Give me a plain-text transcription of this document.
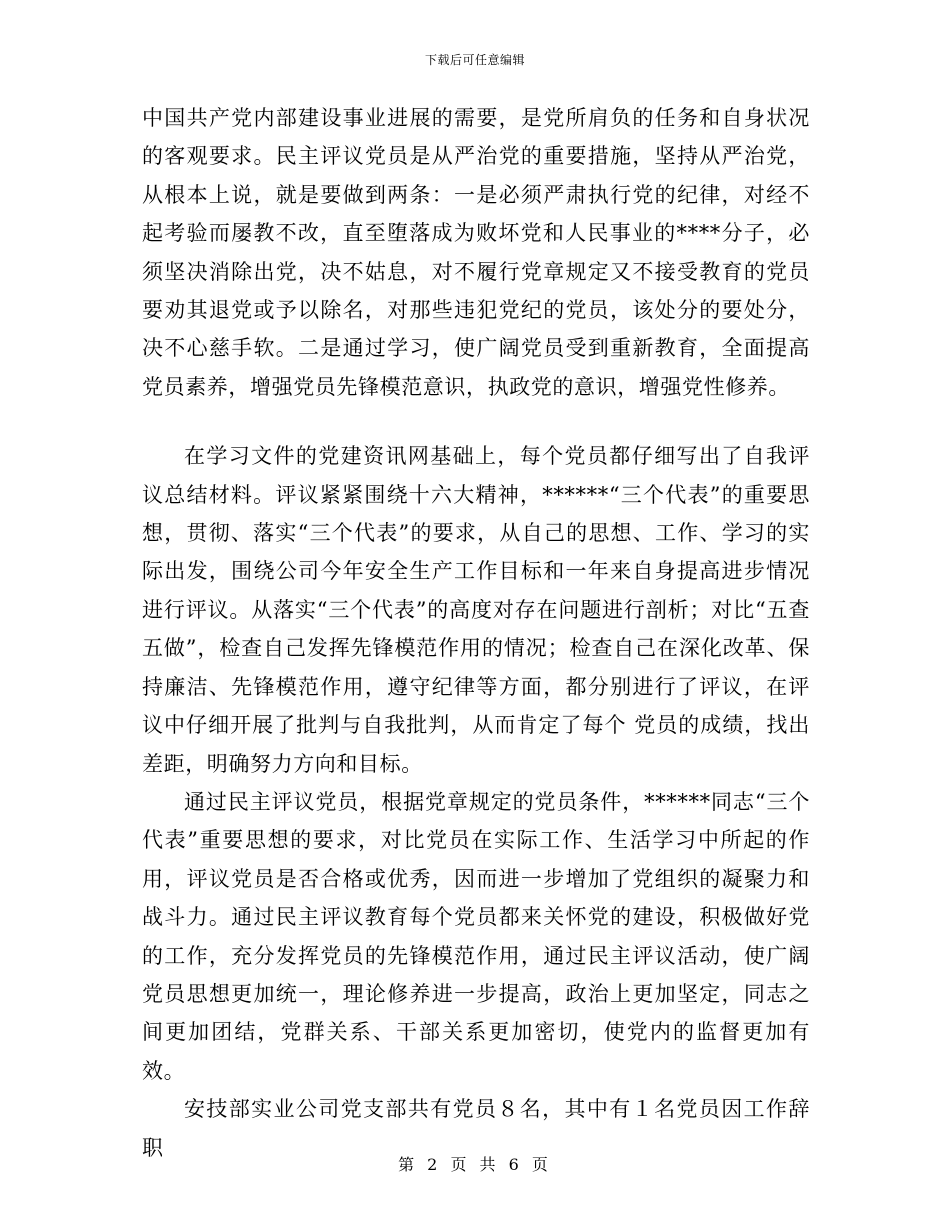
下载后可任意编辑

中国共产党内部建设事业进展的需要，是党所肩负的任务和自身状况的客观要求。民主评议党员是从严治党的重要措施，坚持从严治党，从根本上说，就是要做到两条：一是必须严肃执行党的纪律，对经不起考验而屡教不改，直至堕落成为败坏党和人民事业的****分子，必须坚决消除出党，决不姑息，对不履行党章规定又不接受教育的党员要劝其退党或予以除名，对那些违犯党纪的党员，该处分的要处分，决不心慈手软。二是通过学习，使广阔党员受到重新教育，全面提高党员素养，增强党员先锋模范意识，执政党的意识，增强党性修养。

在学习文件的党建资讯网基础上，每个党员都仔细写出了自我评议总结材料。评议紧紧围绕十六大精神，******“三个代表”的重要思想，贯彻、落实“三个代表”的要求，从自己的思想、工作、学习的实际出发，围绕公司今年安全生产工作目标和一年来自身提高进步情况进行评议。从落实“三个代表”的高度对存在问题进行剖析；对比“五查五做”，检查自己发挥先锋模范作用的情况；检查自己在深化改革、保持廉洁、先锋模范作用，遵守纪律等方面，都分别进行了评议，在评议中仔细开展了批判与自我批判，从而肯定了每个 党员的成绩，找出差距，明确努力方向和目标。

通过民主评议党员，根据党章规定的党员条件，******同志“三个代表”重要思想的要求，对比党员在实际工作、生活学习中所起的作用，评议党员是否合格或优秀，因而进一步增加了党组织的凝聚力和战斗力。通过民主评议教育每个党员都来关怀党的建设，积极做好党的工作，充分发挥党员的先锋模范作用，通过民主评议活动，使广阔党员思想更加统一，理论修养进一步提高，政治上更加坚定，同志之间更加团结，党群关系、干部关系更加密切，使党内的监督更加有效。

安技部实业公司党支部共有党员８名，其中有１名党员因工作辞职

第 2 页 共 6 页
